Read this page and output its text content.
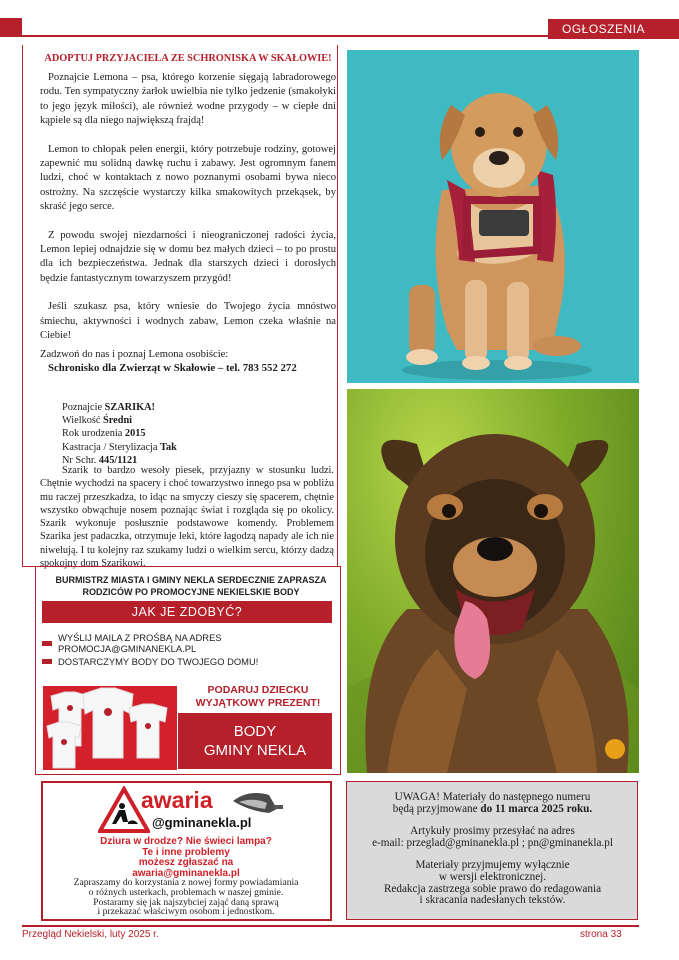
OGŁOSZENIA
ADOPTUJ PRZYJACIELA ZE SCHRONISKA W SKAŁOWIE!

Poznajcie Lemona – psa, którego korzenie sięgają labradorowego rodu. Ten sympatyczny żarłok uwielbia nie tylko jedzenie (smakołyki to jego język miłości), ale również wodne przygody – w ciepłe dni kąpiele są dla niego największą frajdą!

Lemon to chłopak pełen energii, który potrzebuje rodziny, gotowej zapewnić mu solidną dawkę ruchu i zabawy. Jest ogromnym fanem ludzi, choć w kontaktach z nowo poznanymi osobami bywa nieco ostrożny. Na szczęście wystarczy kilka smakowitych przekąsek, by skraść jego serce.

Z powodu swojej niezdarności i nieograniczonej radości życia, Lemon lepiej odnajdzie się w domu bez małych dzieci – to po prostu dla ich bezpieczeństwa. Jednak dla starszych dzieci i dorosłych będzie fantastycznym towarzyszem przygód!

Jeśli szukasz psa, który wniesie do Twojego życia mnóstwo śmiechu, aktywności i wodnych zabaw, Lemon czeka właśnie na Ciebie!

Zadzwoń do nas i poznaj Lemona osobiście:

Schronisko dla Zwierząt w Skałowie – tel. 783 552 272
Poznajcie SZARIKA!
Wielkość Średni
Rok urodzenia 2015
Kastracja / Sterylizacja Tak
Nr Schr. 445/1121
Szarik to bardzo wesoły piesek, przyjazny w stosunku ludzi. Chętnie wychodzi na spacery i choć towarzystwo innego psa w pobliżu mu raczej przeszkadza, to idąc na smyczy cieszy się spacerem, chętnie wszystko obwąchuje nosem poznając świat i rozgląda się po okolicy. Szarik wykonuje posłusznie podstawowe komendy. Problemem Szarika jest padaczka, otrzymuje leki, które łagodzą napady ale ich nie niwelują. I tu kolejny raz szukamy ludzi o wielkim sercu, którzy dadzą spokojny dom Szarikowi.
BURMISTRZ MIASTA I GMINY NEKLA SERDECZNIE ZAPRASZA RODZICÓW PO PROMOCYJNE NEKIELSKIE BODY
JAK JE ZDOBYĆ?
WYŚLIJ MAILA Z PROŚBĄ NA ADRES PROMOCJA@GMINANEKLA.PL
DOSTARCZYMY BODY DO TWOJEGO DOMU!
PODARUJ DZIECKU WYJĄTKOWY PREZENT!
BODY
GMINY NEKLA
awaria
@gminanekla.pl
Dziura w drodze? Nie świeci lampa?
Te i inne problemy
możesz zgłaszać na
awaria@gminanekla.pl
Zapraszamy do korzystania z nowej formy powiadamiania
o różnych usterkach, problemach w naszej gminie.
Postaramy się jak najszybciej zająć daną sprawą
i przekazać właściwym osobom i jednostkom.

UWAGA! Materiały do następnego numeru
będą przyjmowane do 11 marca 2025 roku.

Artykuły prosimy przesyłać na adres
e-mail: przeglad@gminanekla.pl ; pn@gminanekla.pl

Materiały przyjmujemy wyłącznie
w wersji elektronicznej.
Redakcja zastrzega sobie prawo do redagowania
i skracania nadesłanych tekstów.

Przegląd Nekielski, luty 2025 r.	strona 33
